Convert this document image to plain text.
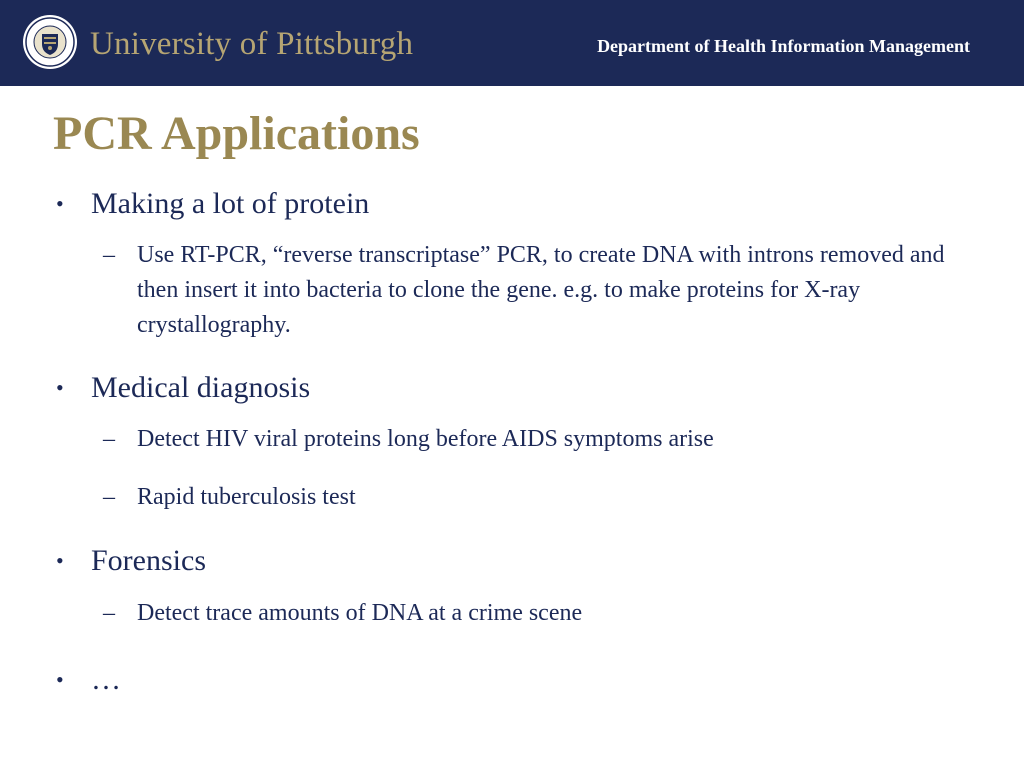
University of Pittsburgh	Department of Health Information Management
PCR Applications
• Making a lot of protein
– Use RT-PCR, “reverse transcriptase” PCR, to create DNA with introns removed and then insert it into bacteria to clone the gene. e.g. to make proteins for X-ray crystallography.
• Medical diagnosis
– Detect HIV viral proteins long before AIDS symptoms arise
– Rapid tuberculosis test
• Forensics
– Detect trace amounts of DNA at a crime scene
• …
